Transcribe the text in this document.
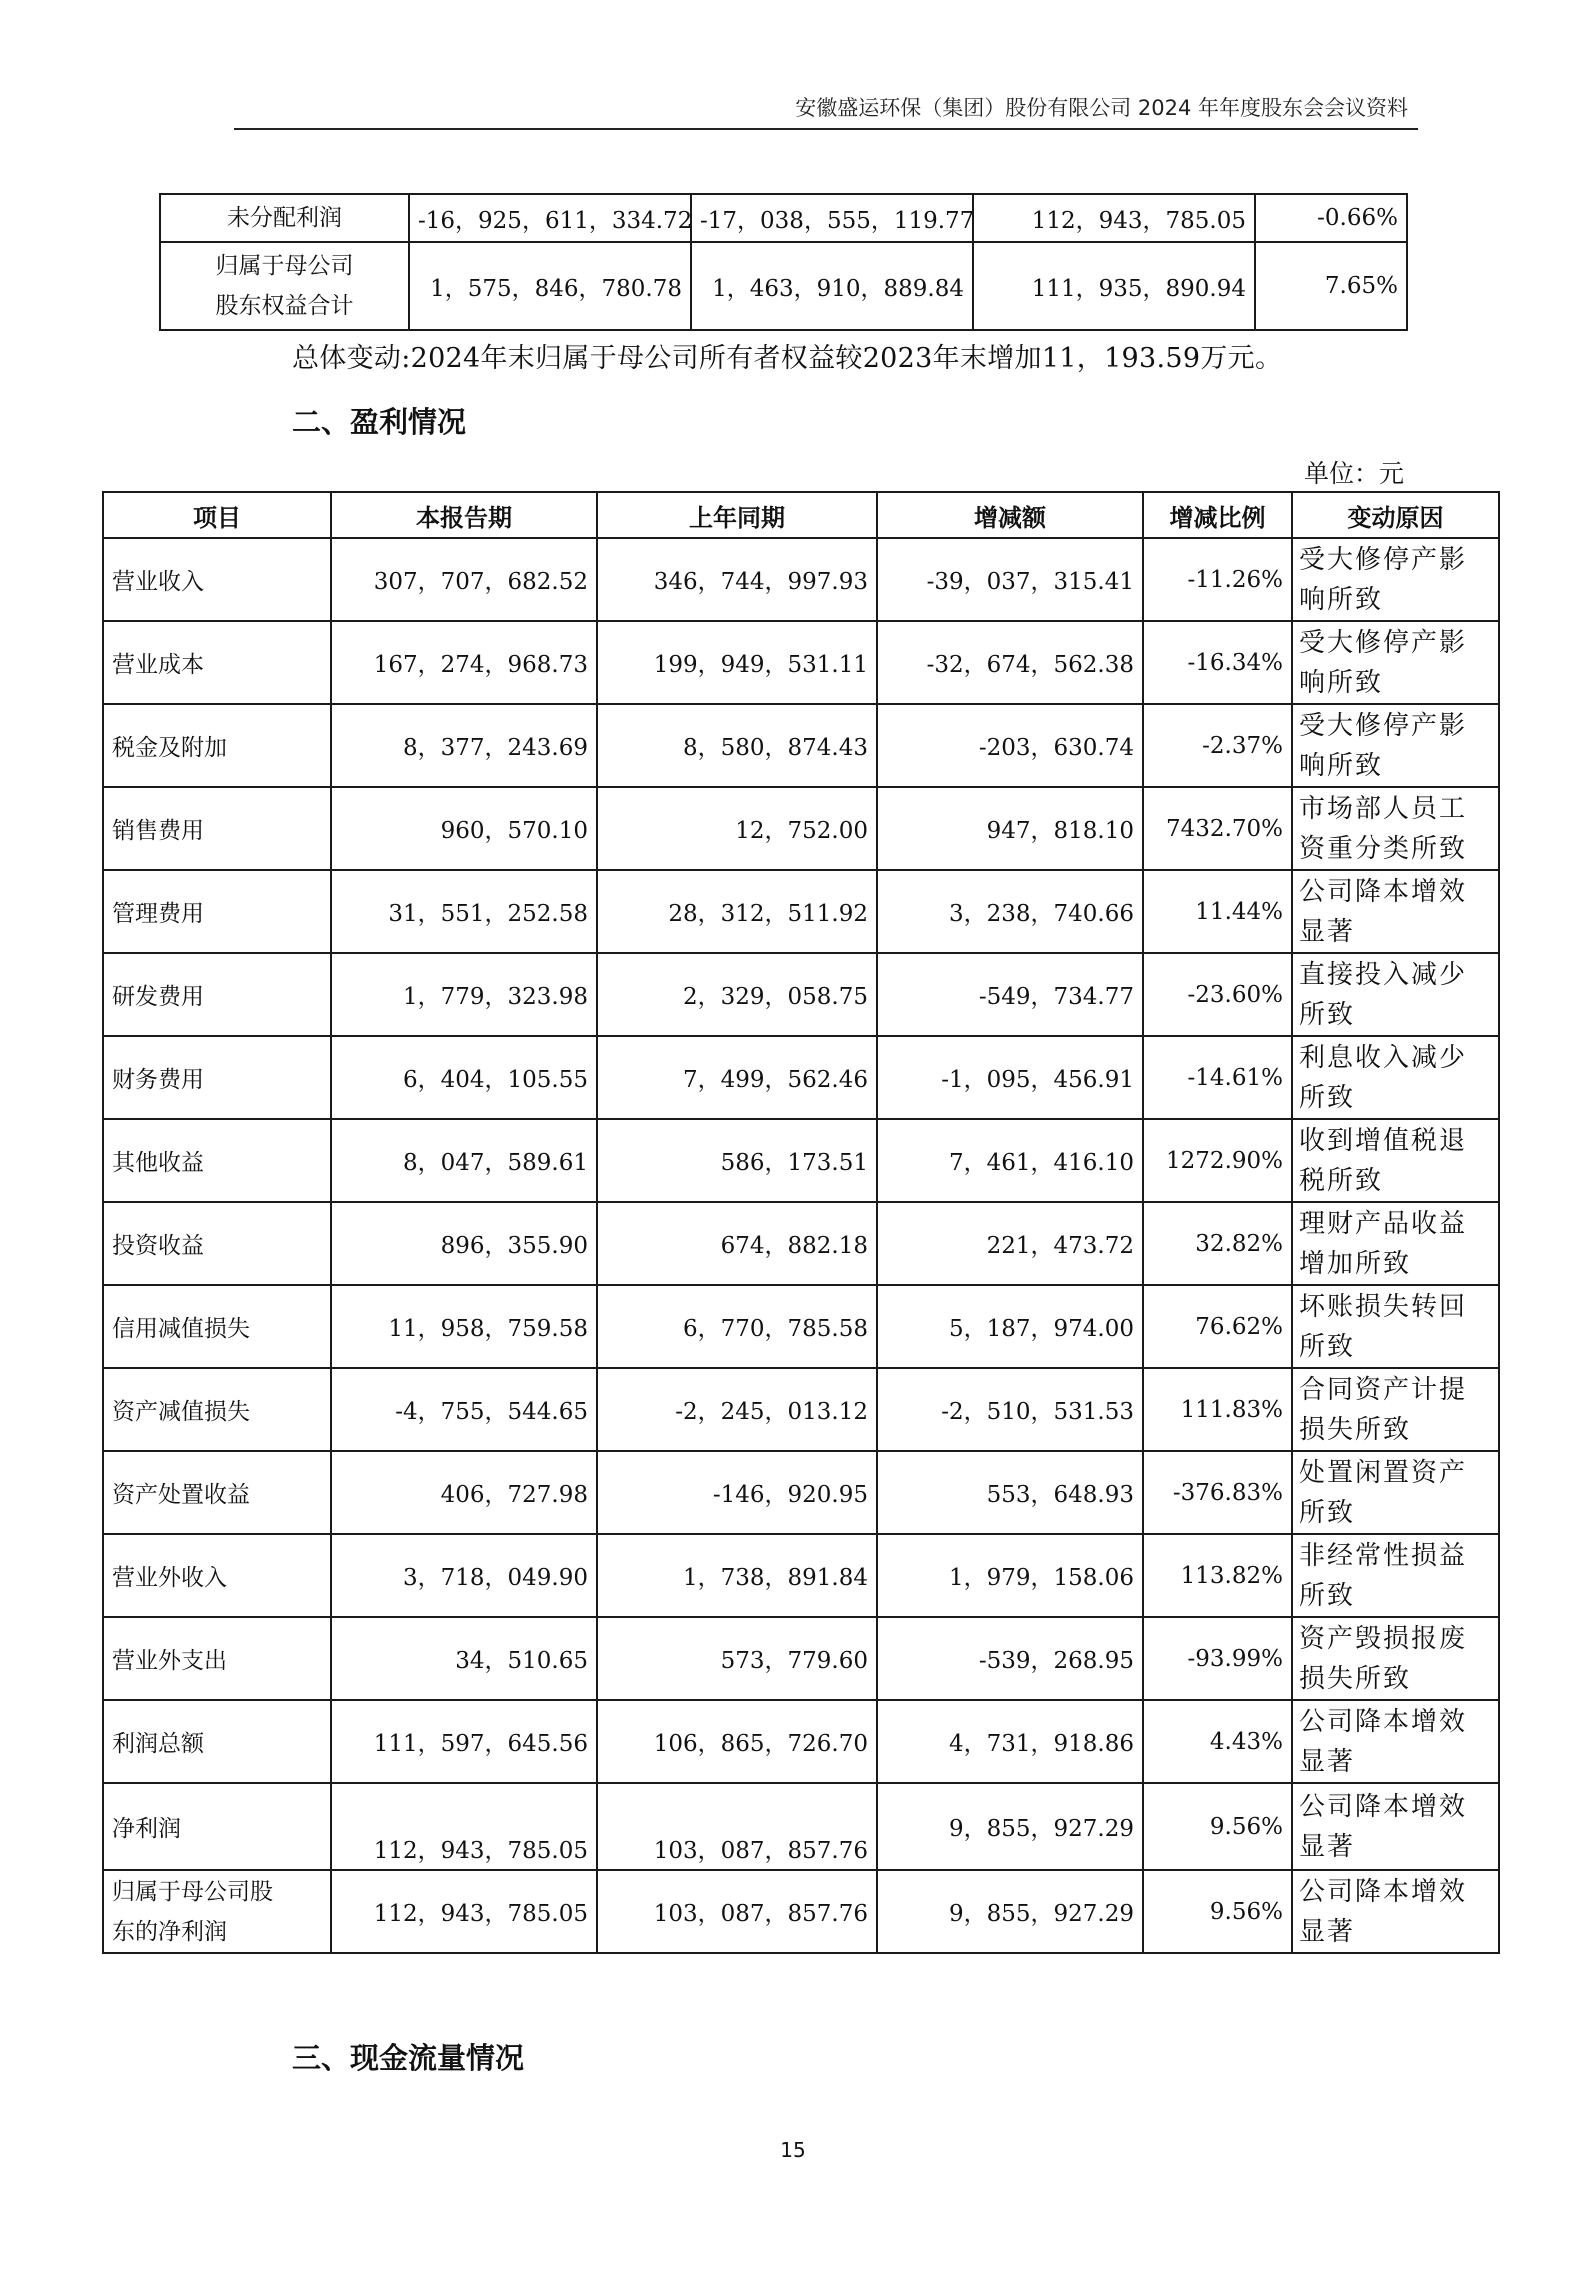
安徽盛运环保（集团）股份有限公司 2024 年年度股东会会议资料
未分配利润	-16，925，611，334.72	-17，038，555，119.77	112，943，785.05	-0.66%

归属于母公司
股东权益合计	1，575，846，780.78	1，463，910，889.84	111，935，890.94	7.65%
总体变动:2024年末归属于母公司所有者权益较2023年末增加11，193.59万元。
二、盈利情况
单位：元
项目	本报告期	上年同期	增减额	增减比例	变动原因
营业收入	307，707，682.52	346，744，997.93	-39，037，315.41	-11.26%	受大修停产影响所致
营业成本	167，274，968.73	199，949，531.11	-32，674，562.38	-16.34%	受大修停产影响所致
税金及附加	8，377，243.69	8，580，874.43	-203，630.74	-2.37%	受大修停产影响所致
销售费用	960，570.10	12，752.00	947，818.10	7432.70%	市场部人员工资重分类所致
管理费用	31，551，252.58	28，312，511.92	3，238，740.66	11.44%	公司降本增效显著
研发费用	1，779，323.98	2，329，058.75	-549，734.77	-23.60%	直接投入减少所致
财务费用	6，404，105.55	7，499，562.46	-1，095，456.91	-14.61%	利息收入减少所致
其他收益	8，047，589.61	586，173.51	7，461，416.10	1272.90%	收到增值税退税所致
投资收益	896，355.90	674，882.18	221，473.72	32.82%	理财产品收益增加所致
信用减值损失	11，958，759.58	6，770，785.58	5，187，974.00	76.62%	坏账损失转回所致
资产减值损失	-4，755，544.65	-2，245，013.12	-2，510，531.53	111.83%	合同资产计提损失所致
资产处置收益	406，727.98	-146，920.95	553，648.93	-376.83%	处置闲置资产所致
营业外收入	3，718，049.90	1，738，891.84	1，979，158.06	113.82%	非经常性损益所致
营业外支出	34，510.65	573，779.60	-539，268.95	-93.99%	资产毁损报废损失所致
利润总额	111，597，645.56	106，865，726.70	4，731，918.86	4.43%	公司降本增效显著
净利润	112，943，785.05	103，087，857.76	9，855，927.29	9.56%	公司降本增效显著

归属于母公司股
东的净利润	112，943，785.05	103，087，857.76	9，855，927.29	9.56%	公司降本增效显著
三、现金流量情况
15
